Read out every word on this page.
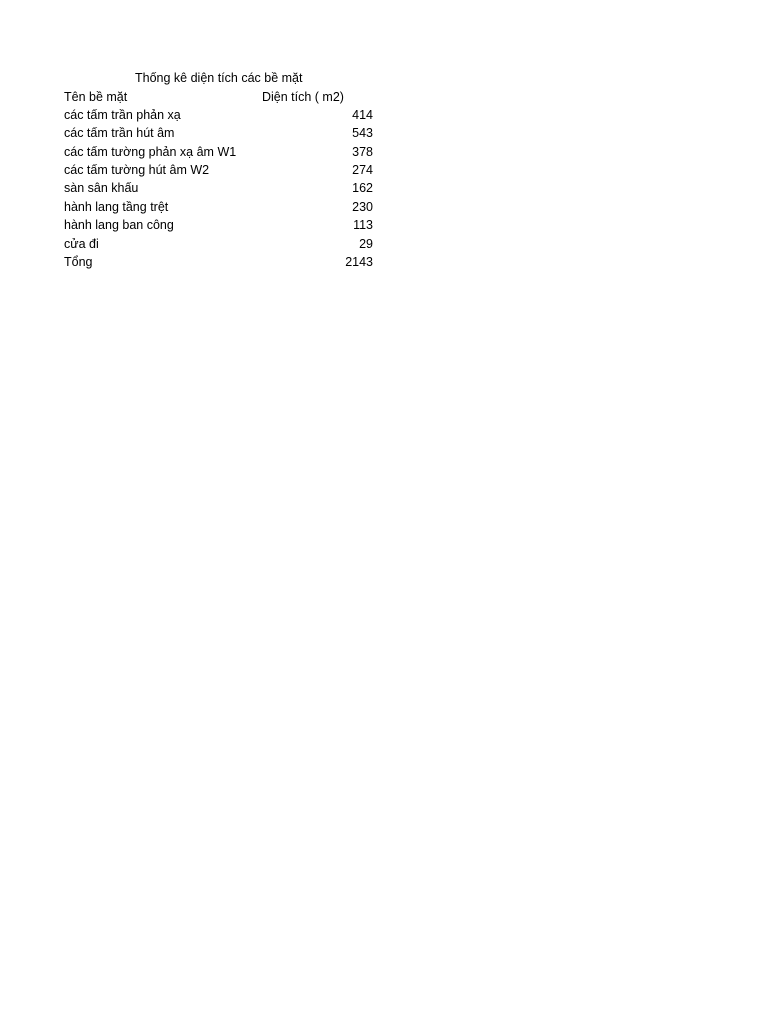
Thống kê diện tích các bề mặt
Tên bề mặt	Diện tích ( m2)
các tấm trần phản xạ	414
các tấm trần hút âm	543
các tấm tường phản xạ âm W1	378
các tấm tường hút âm W2	274
sàn sân khấu	162
hành lang tầng trệt	230
hành lang ban công	113
cửa đi	29
Tổng	2143
